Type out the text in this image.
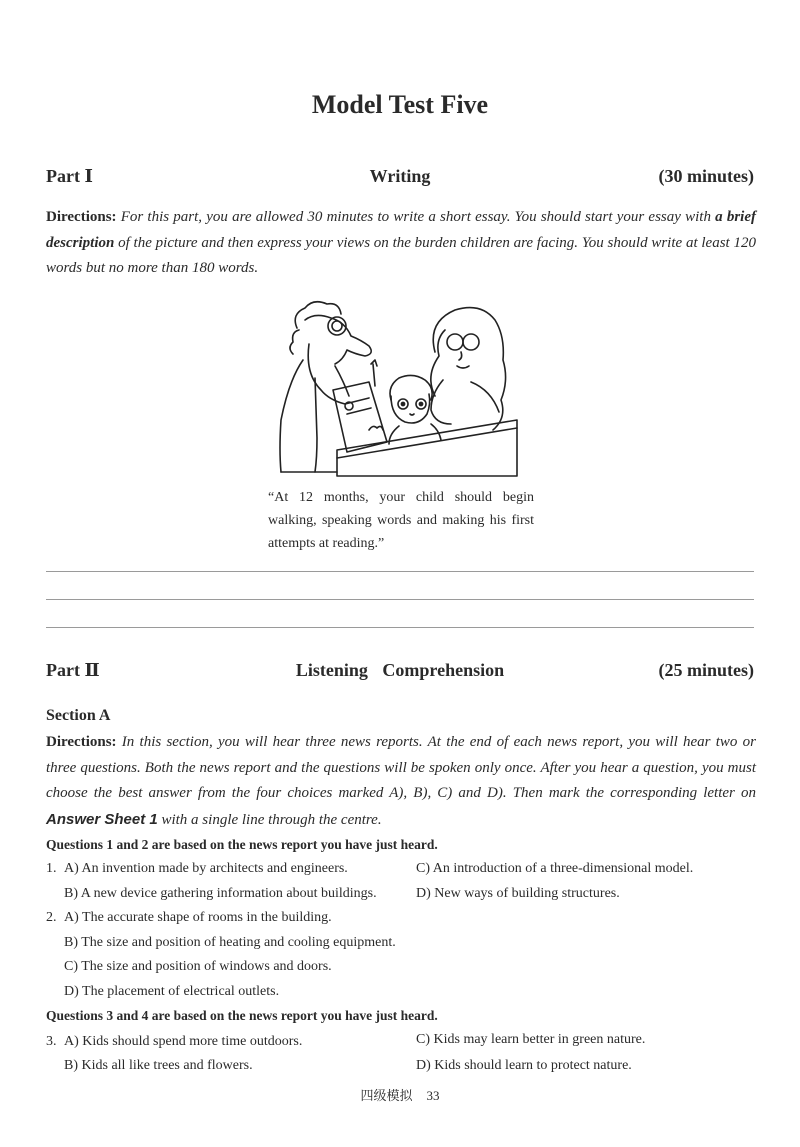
Model Test Five
Part Ⅰ	Writing	(30 minutes)
Directions: For this part, you are allowed 30 minutes to write a short essay. You should start your essay with a brief description of the picture and then express your views on the burden children are facing. You should write at least 120 words but no more than 180 words.
“At 12 months, your child should begin walking, speaking words and making his first attempts at reading.”
Part Ⅱ	Listening Comprehension	(25 minutes)
Section A
Directions: In this section, you will hear three news reports. At the end of each news report, you will hear two or three questions. Both the news report and the questions will be spoken only once. After you hear a question, you must choose the best answer from the four choices marked A), B), C) and D). Then mark the corresponding letter on Answer Sheet 1 with a single line through the centre.
Questions 1 and 2 are based on the news report you have just heard.
1. A) An invention made by architects and engineers.	C) An introduction of a three-dimensional model.
B) A new device gathering information about buildings.	D) New ways of building structures.
2. A) The accurate shape of rooms in the building.
B) The size and position of heating and cooling equipment.
C) The size and position of windows and doors.
D) The placement of electrical outlets.
Questions 3 and 4 are based on the news report you have just heard.
3. A) Kids should spend more time outdoors.	C) Kids may learn better in green nature.
B) Kids all like trees and flowers.	D) Kids should learn to protect nature.
四级模拟 33
